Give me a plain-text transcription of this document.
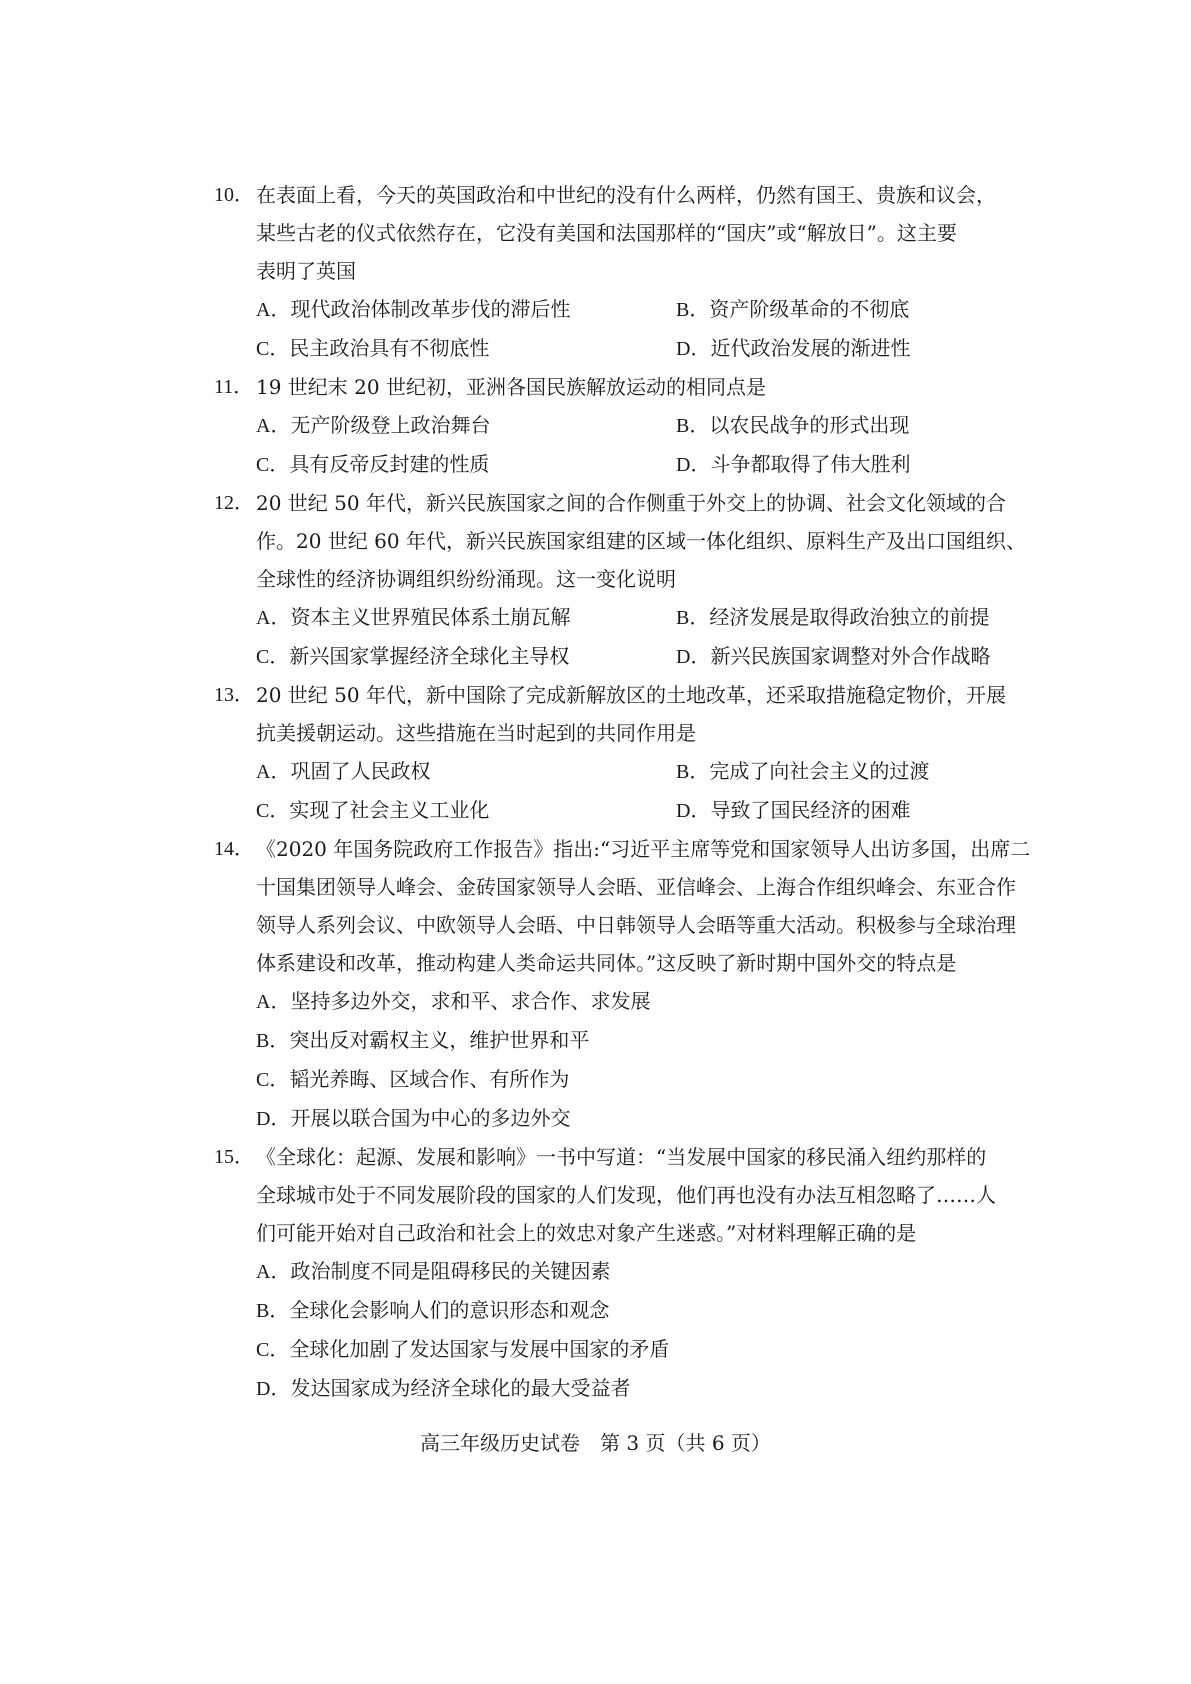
10． 在表面上看，今天的英国政治和中世纪的没有什么两样，仍然有国王、贵族和议会，
某些古老的仪式依然存在，它没有美国和法国那样的“国庆”或“解放日”。这主要
表明了英国
A．现代政治体制改革步伐的滞后性	B．资产阶级革命的不彻底
C．民主政治具有不彻底性	D．近代政治发展的渐进性
11． 19 世纪末 20 世纪初，亚洲各国民族解放运动的相同点是
A．无产阶级登上政治舞台	B．以农民战争的形式出现
C．具有反帝反封建的性质	D．斗争都取得了伟大胜利
12． 20 世纪 50 年代，新兴民族国家之间的合作侧重于外交上的协调、社会文化领域的合
作。20 世纪 60 年代，新兴民族国家组建的区域一体化组织、原料生产及出口国组织、
全球性的经济协调组织纷纷涌现。这一变化说明
A．资本主义世界殖民体系土崩瓦解	B．经济发展是取得政治独立的前提
C．新兴国家掌握经济全球化主导权	D．新兴民族国家调整对外合作战略
13． 20 世纪 50 年代，新中国除了完成新解放区的土地改革，还采取措施稳定物价，开展
抗美援朝运动。这些措施在当时起到的共同作用是
A．巩固了人民政权	B．完成了向社会主义的过渡
C．实现了社会主义工业化	D．导致了国民经济的困难
14． 《2020 年国务院政府工作报告》指出:“习近平主席等党和国家领导人出访多国，出席二
十国集团领导人峰会、金砖国家领导人会晤、亚信峰会、上海合作组织峰会、东亚合作
领导人系列会议、中欧领导人会晤、中日韩领导人会晤等重大活动。积极参与全球治理
体系建设和改革，推动构建人类命运共同体。”这反映了新时期中国外交的特点是
A．坚持多边外交，求和平、求合作、求发展
B．突出反对霸权主义，维护世界和平
C．韬光养晦、区域合作、有所作为
D．开展以联合国为中心的多边外交
15． 《全球化：起源、发展和影响》一书中写道：“当发展中国家的移民涌入纽约那样的
全球城市处于不同发展阶段的国家的人们发现，他们再也没有办法互相忽略了……人
们可能开始对自己政治和社会上的效忠对象产生迷惑。”对材料理解正确的是
A．政治制度不同是阻碍移民的关键因素
B．全球化会影响人们的意识形态和观念
C．全球化加剧了发达国家与发展中国家的矛盾
D．发达国家成为经济全球化的最大受益者
高三年级历史试卷　第 3 页（共 6 页）
